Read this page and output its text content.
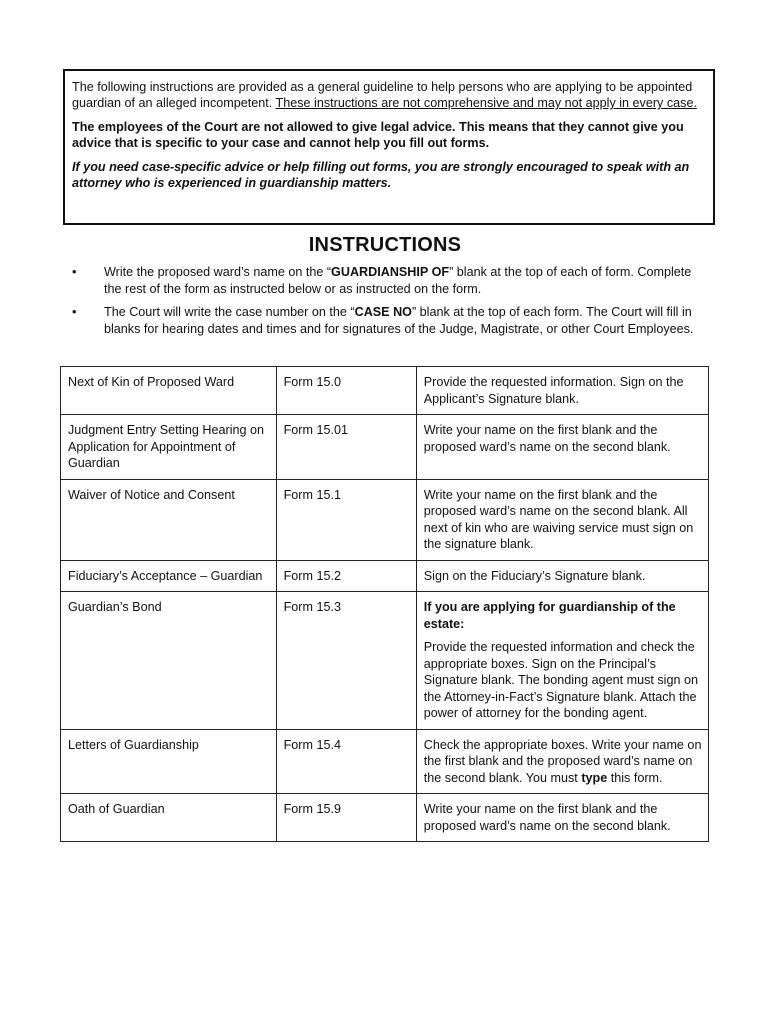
The following instructions are provided as a general guideline to help persons who are applying to be appointed guardian of an alleged incompetent. These instructions are not comprehensive and may not apply in every case.

The employees of the Court are not allowed to give legal advice. This means that they cannot give you advice that is specific to your case and cannot help you fill out forms.

If you need case-specific advice or help filling out forms, you are strongly encouraged to speak with an attorney who is experienced in guardianship matters.

INSTRUCTIONS
• Write the proposed ward’s name on the “GUARDIANSHIP OF” blank at the top of each of form. Complete the rest of the form as instructed below or as instructed on the form.
• The Court will write the case number on the “CASE NO” blank at the top of each form. The Court will fill in blanks for hearing dates and times and for signatures of the Judge, Magistrate, or other Court Employees.
Next of Kin of Proposed Ward	Form 15.0	Provide the requested information. Sign on the Applicant’s Signature blank.
Judgment Entry Setting Hearing on Application for Appointment of Guardian	Form 15.01	Write your name on the first blank and the proposed ward’s name on the second blank.
Waiver of Notice and Consent	Form 15.1	Write your name on the first blank and the proposed ward’s name on the second blank. All next of kin who are waiving service must sign on the signature blank.
Fiduciary’s Acceptance – Guardian	Form 15.2	Sign on the Fiduciary’s Signature blank.
Guardian’s Bond	Form 15.3	If you are applying for guardianship of the estate:

Provide the requested information and check the appropriate boxes. Sign on the Principal’s Signature blank. The bonding agent must sign on the Attorney-in-Fact’s Signature blank. Attach the power of attorney for the bonding agent.

Letters of Guardianship	Form 15.4	Check the appropriate boxes. Write your name on the first blank and the proposed ward’s name on the second blank. You must type this form.
Oath of Guardian	Form 15.9	Write your name on the first blank and the proposed ward’s name on the second blank.
